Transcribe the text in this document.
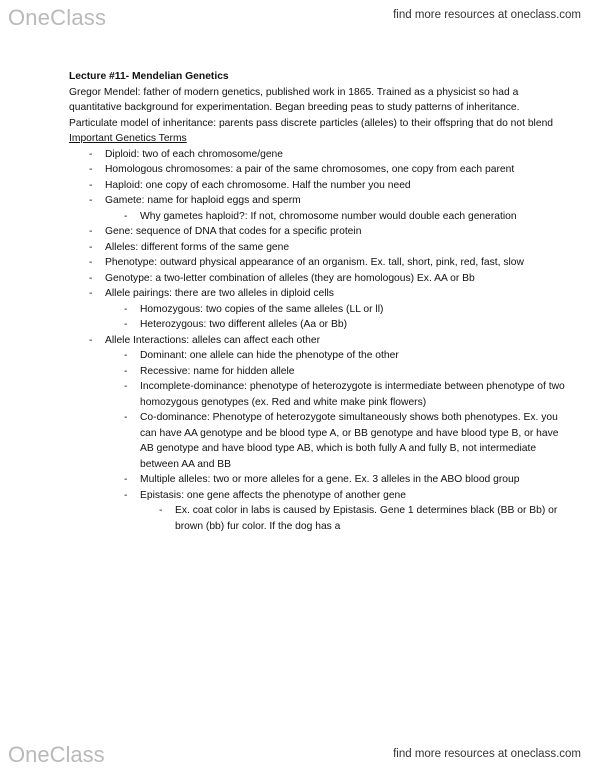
OneClass	find more resources at oneclass.com
Lecture #11- Mendelian Genetics
Gregor Mendel: father of modern genetics, published work in 1865. Trained as a physicist so had a quantitative background for experimentation. Began breeding peas to study patterns of inheritance.
Particulate model of inheritance: parents pass discrete particles (alleles) to their offspring that do not blend
Important Genetics Terms
- Diploid: two of each chromosome/gene
- Homologous chromosomes: a pair of the same chromosomes, one copy from each parent
- Haploid: one copy of each chromosome. Half the number you need
- Gamete: name for haploid eggs and sperm
- Why gametes haploid?: If not, chromosome number would double each generation
- Gene: sequence of DNA that codes for a specific protein
- Alleles: different forms of the same gene
- Phenotype: outward physical appearance of an organism. Ex. tall, short, pink, red, fast, slow
- Genotype: a two-letter combination of alleles (they are homologous) Ex. AA or Bb
- Allele pairings: there are two alleles in diploid cells
- Homozygous: two copies of the same alleles (LL or ll)
- Heterozygous: two different alleles (Aa or Bb)
- Allele Interactions: alleles can affect each other
- Dominant: one allele can hide the phenotype of the other
- Recessive: name for hidden allele
- Incomplete-dominance: phenotype of heterozygote is intermediate between phenotype of two homozygous genotypes (ex. Red and white make pink flowers)
- Co-dominance: Phenotype of heterozygote simultaneously shows both phenotypes. Ex. you can have AA genotype and be blood type A, or BB genotype and have blood type B, or have AB genotype and have blood type AB, which is both fully A and fully B, not intermediate between AA and BB
- Multiple alleles: two or more alleles for a gene. Ex. 3 alleles in the ABO blood group
- Epistasis: one gene affects the phenotype of another gene
- Ex. coat color in labs is caused by Epistasis. Gene 1 determines black (BB or Bb) or brown (bb) fur color. If the dog has a
OneClass	find more resources at oneclass.com
